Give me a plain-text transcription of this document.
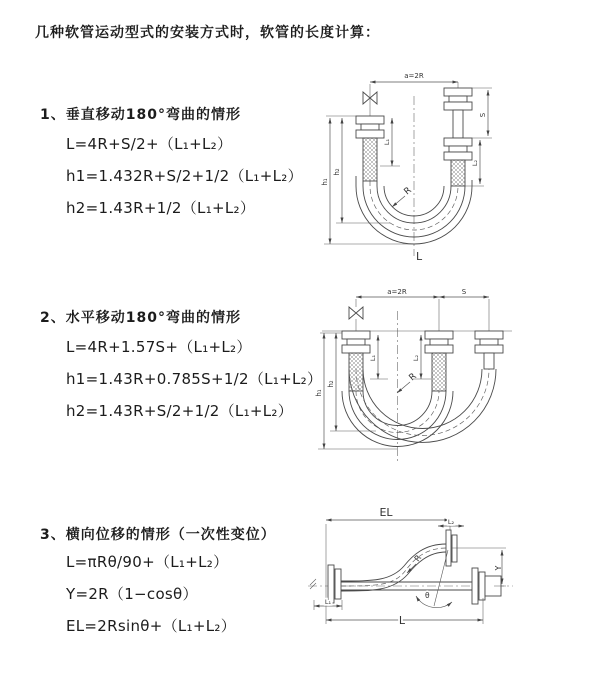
几种软管运动型式的安装方式时，软管的长度计算：
1、垂直移动180°弯曲的情形
L=4R+S/2+（L₁+L₂）
h1=1.432R+S/2+1/2（L₁+L₂）
h2=1.43R+1/2（L₁+L₂）
a=2R
S
L₂
L₁
h₁
h₂
R
L
2、水平移动180°弯曲的情形
L=4R+1.57S+（L₁+L₂）
h1=1.43R+0.785S+1/2（L₁+L₂）
h2=1.43R+S/2+1/2（L₁+L₂）
a=2R	S
L₁	L₂
h₁
h₂
R
3、横向位移的情形（一次性变位）
L=πRθ/90+（L₁+L₂）
Y=2R（1−cosθ）
EL=2Rsinθ+（L₁+L₂）
EL
L₂
Y
R
θ
L
L₁
